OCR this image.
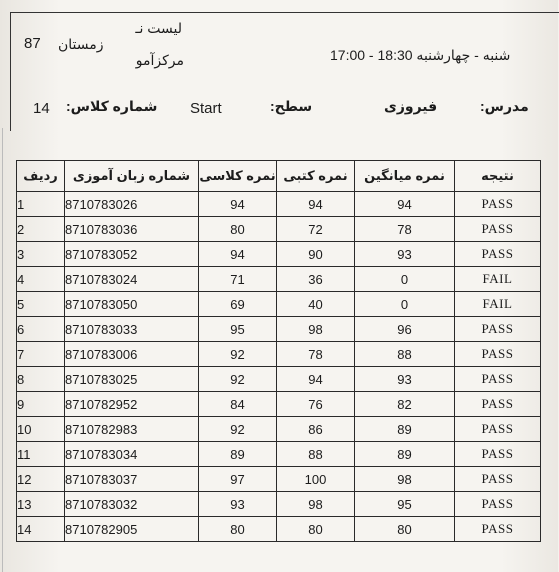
لیست نـ
مرکزآمو
زمستان
87
شنبه - چهارشنبه 18:30 - 17:00
مدرس:
فیروزی
سطح:
Start
شماره کلاس:
14
نتیجه	نمره میانگین	نمره کتبی	نمره کلاسی	شماره زبان آموزی	ردیف
PASS	94	94	94	8710783026	1
PASS	78	72	80	8710783036	2
PASS	93	90	94	8710783052	3
FAIL	0	36	71	8710783024	4
FAIL	0	40	69	8710783050	5
PASS	96	98	95	8710783033	6
PASS	88	78	92	8710783006	7
PASS	93	94	92	8710783025	8
PASS	82	76	84	8710782952	9
PASS	89	86	92	8710782983	10
PASS	89	88	89	8710783034	11
PASS	98	100	97	8710783037	12
PASS	95	98	93	8710783032	13
PASS	80	80	80	8710782905	14
